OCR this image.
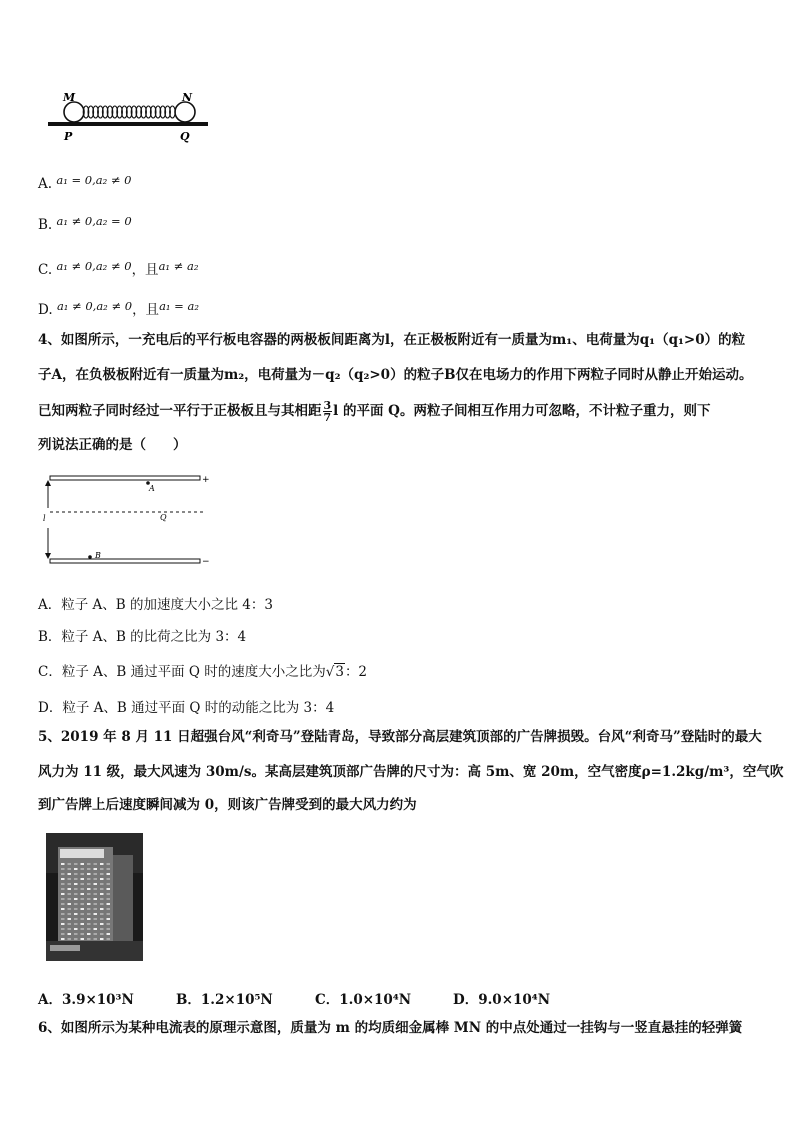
M	N
P	Q
A. a₁ = 0,a₂ ≠ 0
B. a₁ ≠ 0,a₂ = 0
C. a₁ ≠ 0,a₂ ≠ 0，且a₁ ≠ a₂
D. a₁ ≠ 0,a₂ ≠ 0，且a₁ = a₂
4、如图所示，一充电后的平行板电容器的两极板间距离为l，在正极板附近有一质量为m₁、电荷量为q₁（q₁>0）的粒
子A，在负极板附近有一质量为m₂，电荷量为－q₂（q₂>0）的粒子B仅在电场力的作用下两粒子同时从静止开始运动。
已知两粒子同时经过一平行于正极板且与其相距 $\frac{3}{7}$ l 的平面 Q。两粒子间相互作用力可忽略，不计粒子重力，则下
列说法正确的是（　　）
A
B
Q
l
+
−
A．粒子 A、B 的加速度大小之比 4：3
B．粒子 A、B 的比荷之比为 3：4
C．粒子 A、B 通过平面 Q 时的速度大小之比为√3：2
D．粒子 A、B 通过平面 Q 时的动能之比为 3：4
5、2019 年 8 月 11 日超强台风“利奇马”登陆青岛，导致部分高层建筑顶部的广告牌损毁。台风“利奇马”登陆时的最大
风力为 11 级，最大风速为 30m/s。某高层建筑顶部广告牌的尺寸为：高 5m、宽 20m，空气密度ρ=1.2kg/m³，空气吹
到广告牌上后速度瞬间减为 0，则该广告牌受到的最大风力约为
A．3.9×10³N	B．1.2×10⁵N	C．1.0×10⁴N	D．9.0×10⁴N
6、如图所示为某种电流表的原理示意图，质量为 m 的均质细金属棒 MN 的中点处通过一挂钩与一竖直悬挂的轻弹簧
